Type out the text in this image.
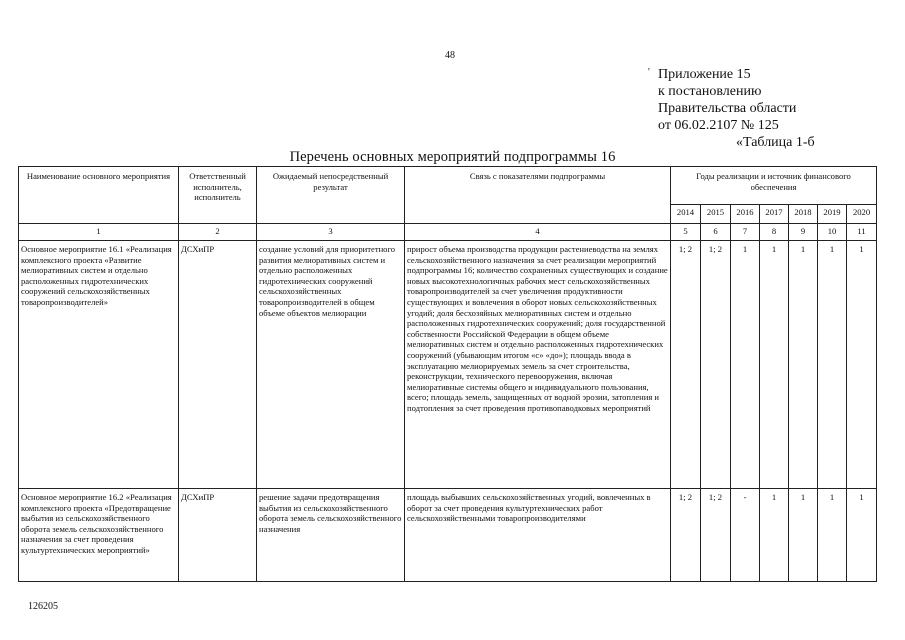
48
' Приложение 15
к постановлению
Правительства области
от 06.02.2107 № 125
«Таблица 1-б
Перечень основных мероприятий подпрограммы 16
Наименование основного мероприятия	Ответственный исполнитель, исполнитель	Ожидаемый непосредственный результат	Связь с показателями подпрограммы	Годы реализации и источник финансового обеспечения						
				2014	2015	2016	2017	2018	2019	2020
1	2	3	4	5	6	7	8	9	10	11
Основное мероприятие 16.1 «Реализация комплексного проекта «Развитие мелиоративных систем и отдельно расположенных гидротехнических сооружений сельскохозяйственных товаропроизводителей»	ДСХиПР	создание условий для приоритетного развития мелиоративных систем и отдельно расположенных гидротехнических сооружений сельскохозяйственных товаропроизводителей в общем объеме объектов мелиорации	прирост объема производства продукции растениеводства на землях сельскохозяйственного назначения за счет реализации мероприятий подпрограммы 16; количество сохраненных существующих и создание новых высокотехнологичных рабочих мест сельскохозяйственных товаропроизводителей за счет увеличения продуктивности существующих и вовлечения в оборот новых сельскохозяйственных угодий; доля бесхозяйных мелиоративных систем и отдельно расположенных гидротехнических сооружений; доля государственной собственности Российской Федерации в общем объеме мелиоративных систем и отдельно расположенных гидротехнических сооружений (убывающим итогом «с» «до»); площадь ввода в эксплуатацию мелиорируемых земель за счет строительства, реконструкции, технического перевооружения, включая мелиоративные системы общего и индивидуального пользования, всего; площадь земель, защищенных от водной эрозии, затопления и подтопления за счет проведения противопаводковых мероприятий	1; 2	1; 2	1	1	1	1	1
Основное мероприятие 16.2 «Реализация комплексного проекта «Предотвращение выбытия из сельскохозяйственного оборота земель сельскохозяйственного назначения за счет проведения культуртехнических мероприятий»	ДСХиПР	решение задачи предотвращения выбытия из сельскохозяйственного оборота земель сельскохозяйственного назначения	площадь выбывших сельскохозяйственных угодий, вовлеченных в оборот за счет проведения культуртехнических работ сельскохозяйственными товаропроизводителями	1; 2	1; 2	-	1	1	1	1
126205
